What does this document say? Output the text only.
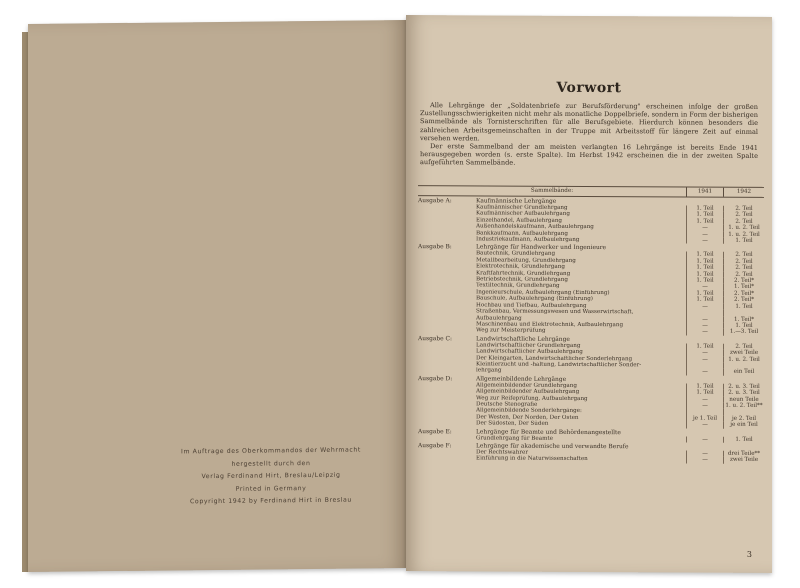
Im Auftrage des Oberkommandos der Wehrmacht
hergestellt durch den
Verlag Ferdinand Hirt, Breslau/Leipzig
Printed in Germany
Copyright 1942 by Ferdinand Hirt in Breslau
Vorwort

Alle Lehrgänge der „Soldatenbriefe zur Berufsförderung" erscheinen infolge der großen Zustellungsschwierigkeiten nicht mehr als monatliche Doppelbriefe, sondern in Form der bisherigen Sammelbände als Tornisterschriften für alle Berufsgebiete. Hierdurch können besonders die zahlreichen Arbeitsgemeinschaften in der Truppe mit Arbeitsstoff für längere Zeit auf einmal versehen werden.

Der erste Sammelband der am meisten verlangten 16 Lehrgänge ist bereits Ende 1941 herausgegeben worden (s. erste Spalte). Im Herbst 1942 erscheinen die in der zweiten Spalte aufgeführten Sammelbände.

Sammelbände:	1941	1942
Ausgabe A:	Kaufmännische Lehrgänge
Kaufmännischer Grundlehrgang	1. Teil	2. Teil
Kaufmännischer Aufbaulehrgang	1. Teil	2. Teil
Einzelhandel, Aufbaulehrgang	1. Teil	2. Teil
Außenhandelskaufmann, Aufbaulehrgang	—	1. u. 2. Teil
Bankkaufmann, Aufbaulehrgang	—	1. u. 2. Teil
Industriekaufmann, Aufbaulehrgang	—	1. Teil
Ausgabe B:	Lehrgänge für Handwerker und Ingenieure
Bautechnik, Grundlehrgang	1. Teil	2. Teil
Metallbearbeitung, Grundlehrgang	1. Teil	2. Teil
Elektrotechnik, Grundlehrgang	1. Teil	2. Teil
Kraftfahrtechnik, Grundlehrgang	1. Teil	2. Teil
Betriebstechnik, Grundlehrgang	1. Teil	2. Teil*
Textiltechnik, Grundlehrgang	—	1. Teil*
Ingenieurschule, Aufbaulehrgang (Einführung)	1. Teil	2. Teil*
Bauschule, Aufbaulehrgang (Einführung)	1. Teil	2. Teil*
Hochbau und Tiefbau, Aufbaulehrgang	—	1. Teil
Straßenbau, Vermessungswesen und Wasserwirtschaft,
Aufbaulehrgang	—	1. Teil*
Maschinenbau und Elektrotechnik, Aufbaulehrgang	—	1. Teil
Weg zur Meisterprüfung	—	1.—3. Teil
Ausgabe C:	Landwirtschaftliche Lehrgänge
Landwirtschaftlicher Grundlehrgang	1. Teil	2. Teil
Landwirtschaftlicher Aufbaulehrgang	—	zwei Teile
Der Kleingarten, Landwirtschaftlicher Sonderlehrgang	—	1. u. 2. Teil
Kleintierzucht und -haltung, Landwirtschaftlicher Sonder-
lehrgang	—	ein Teil
Ausgabe D:	Allgemeinbildende Lehrgänge
Allgemeinbildender Grundlehrgang	1. Teil	2. u. 3. Teil
Allgemeinbildender Aufbaulehrgang	1. Teil	2. u. 3. Teil
Weg zur Reifeprüfung, Aufbaulehrgang	—	neun Teile
Deutsche Stenografie	—	1. u. 2. Teil**
Allgemeinbildende Sonderlehrgänge:
Der Westen, Der Norden, Der Osten	je 1. Teil	je 2. Teil
Der Südosten, Der Süden	—	je ein Teil
Ausgabe E:	Lehrgänge für Beamte und Behördenangestellte
Grundlehrgang für Beamte	—	1. Teil
Ausgabe F:	Lehrgänge für akademische und verwandte Berufe
Der Rechtswahrer	—	drei Teile**
Einführung in die Naturwissenschaften	—	zwei Teile
3
